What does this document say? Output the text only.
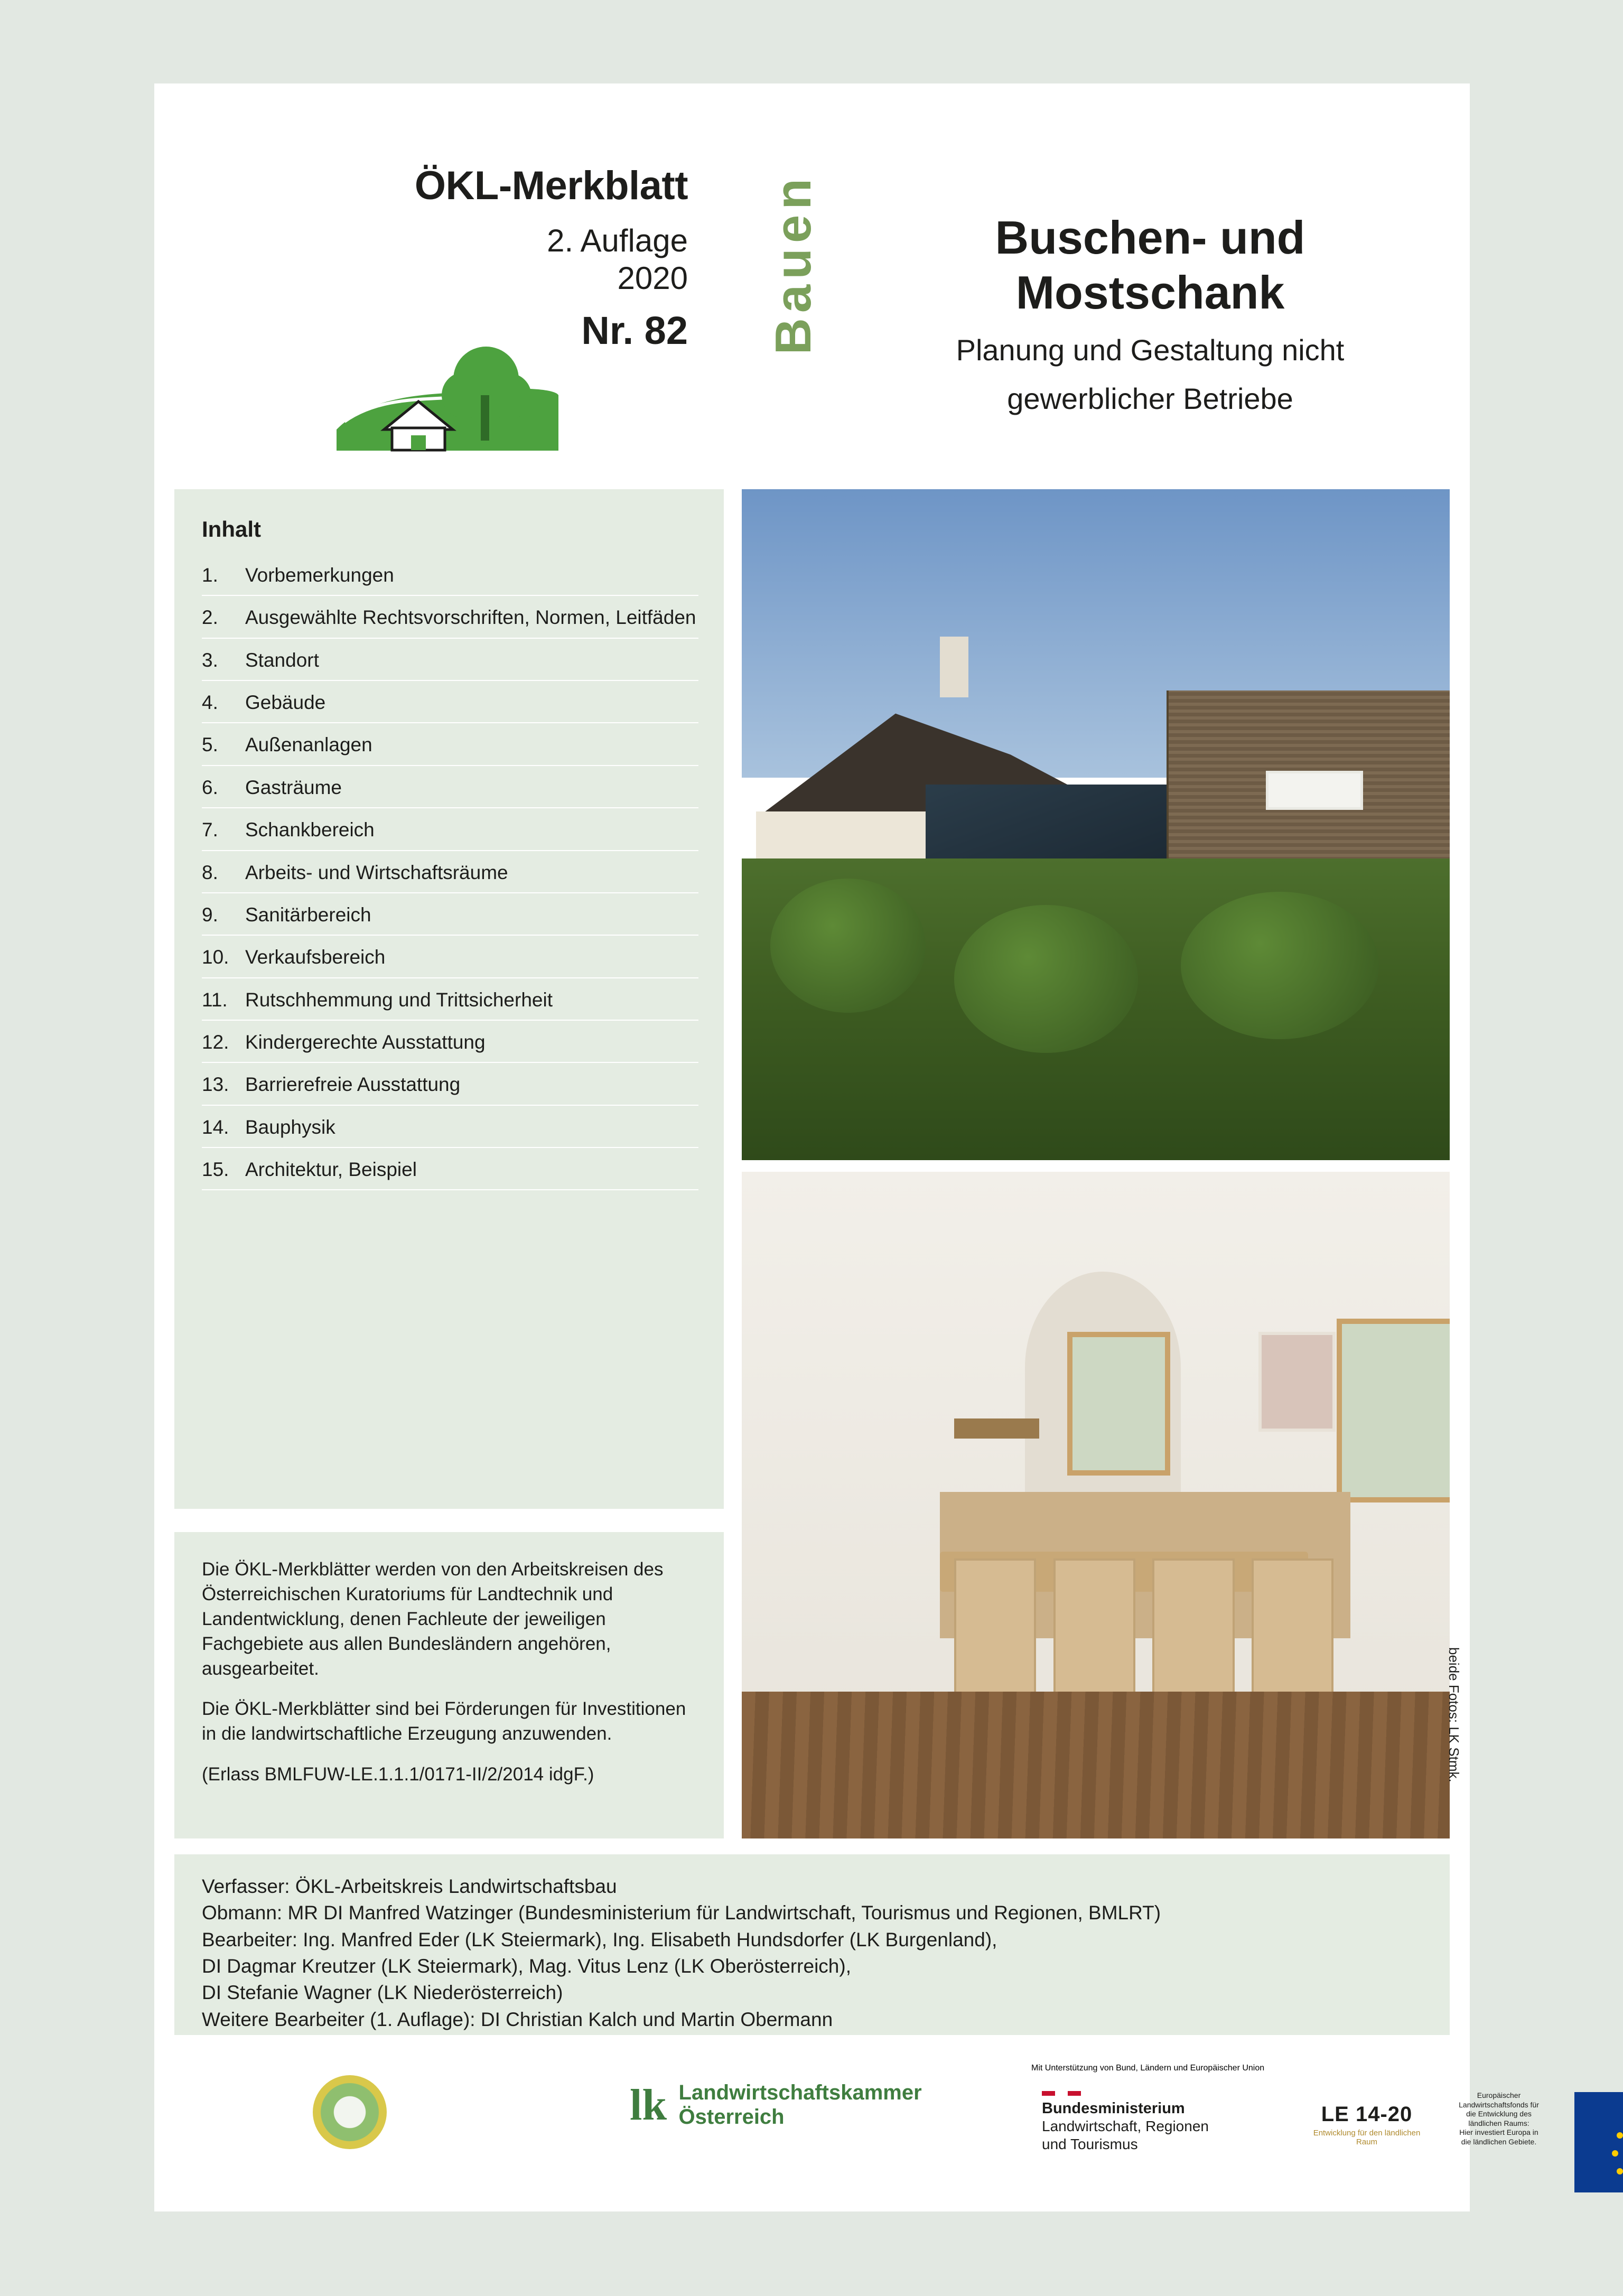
ÖKL-Merkblatt
2. Auflage
2020
Nr. 82 Bauen	Buschen- und
Mostschank
Planung und Gestaltung nicht
gewerblicher Betriebe
Inhalt
1.	Vorbemerkungen
2.	Ausgewählte Rechtsvorschriften, Normen, Leitfäden
3.	Standort
4.	Gebäude
5.	Außenanlagen
6.	Gasträume
7.	Schankbereich
8.	Arbeits- und Wirtschaftsräume
9.	Sanitärbereich
10. Verkaufsbereich
11. Rutschhemmung und Trittsicherheit
12. Kindergerechte Ausstattung
13. Barrierefreie Ausstattung
14. Bauphysik
15. Architektur, Beispiel

Die ÖKL-Merkblätter werden von den Arbeitskreisen des Österreichischen Kuratoriums für Landtechnik und Landentwicklung, denen Fachleute der jeweiligen Fachgebiete aus allen Bundesländern angehören, ausgearbeitet.

Die ÖKL-Merkblätter sind bei Förderungen für Investitionen in die landwirtschaftliche Erzeugung anzuwenden.

(Erlass BMLFUW-LE.1.1.1/0171-II/2/2014 idgF.)	beide Fotos: LK Stmk.

Verfasser: ÖKL-Arbeitskreis Landwirtschaftsbau

Obmann: MR DI Manfred Watzinger (Bundesministerium für Landwirtschaft, Tourismus und Regionen, BMLRT)

Bearbeiter: Ing. Manfred Eder (LK Steiermark), Ing. Elisabeth Hundsdorfer (LK Burgenland),

DI Dagmar Kreutzer (LK Steiermark), Mag. Vitus Lenz (LK Oberösterreich),

DI Stefanie Wagner (LK Niederösterreich)

Weitere Bearbeiter (1. Auflage): DI Christian Kalch und Martin Obermann

lk Landwirtschaftskammer
Österreich
Mit Unterstützung von Bund, Ländern und Europäischer Union
Bundesministerium
Landwirtschaft, Regionen
und Tourismus
LE 14-20
Entwicklung für den ländlichen Raum
Europäischer
Landwirtschaftsfonds für
die Entwicklung des
ländlichen Raums:
Hier investiert Europa in
die ländlichen Gebiete.
